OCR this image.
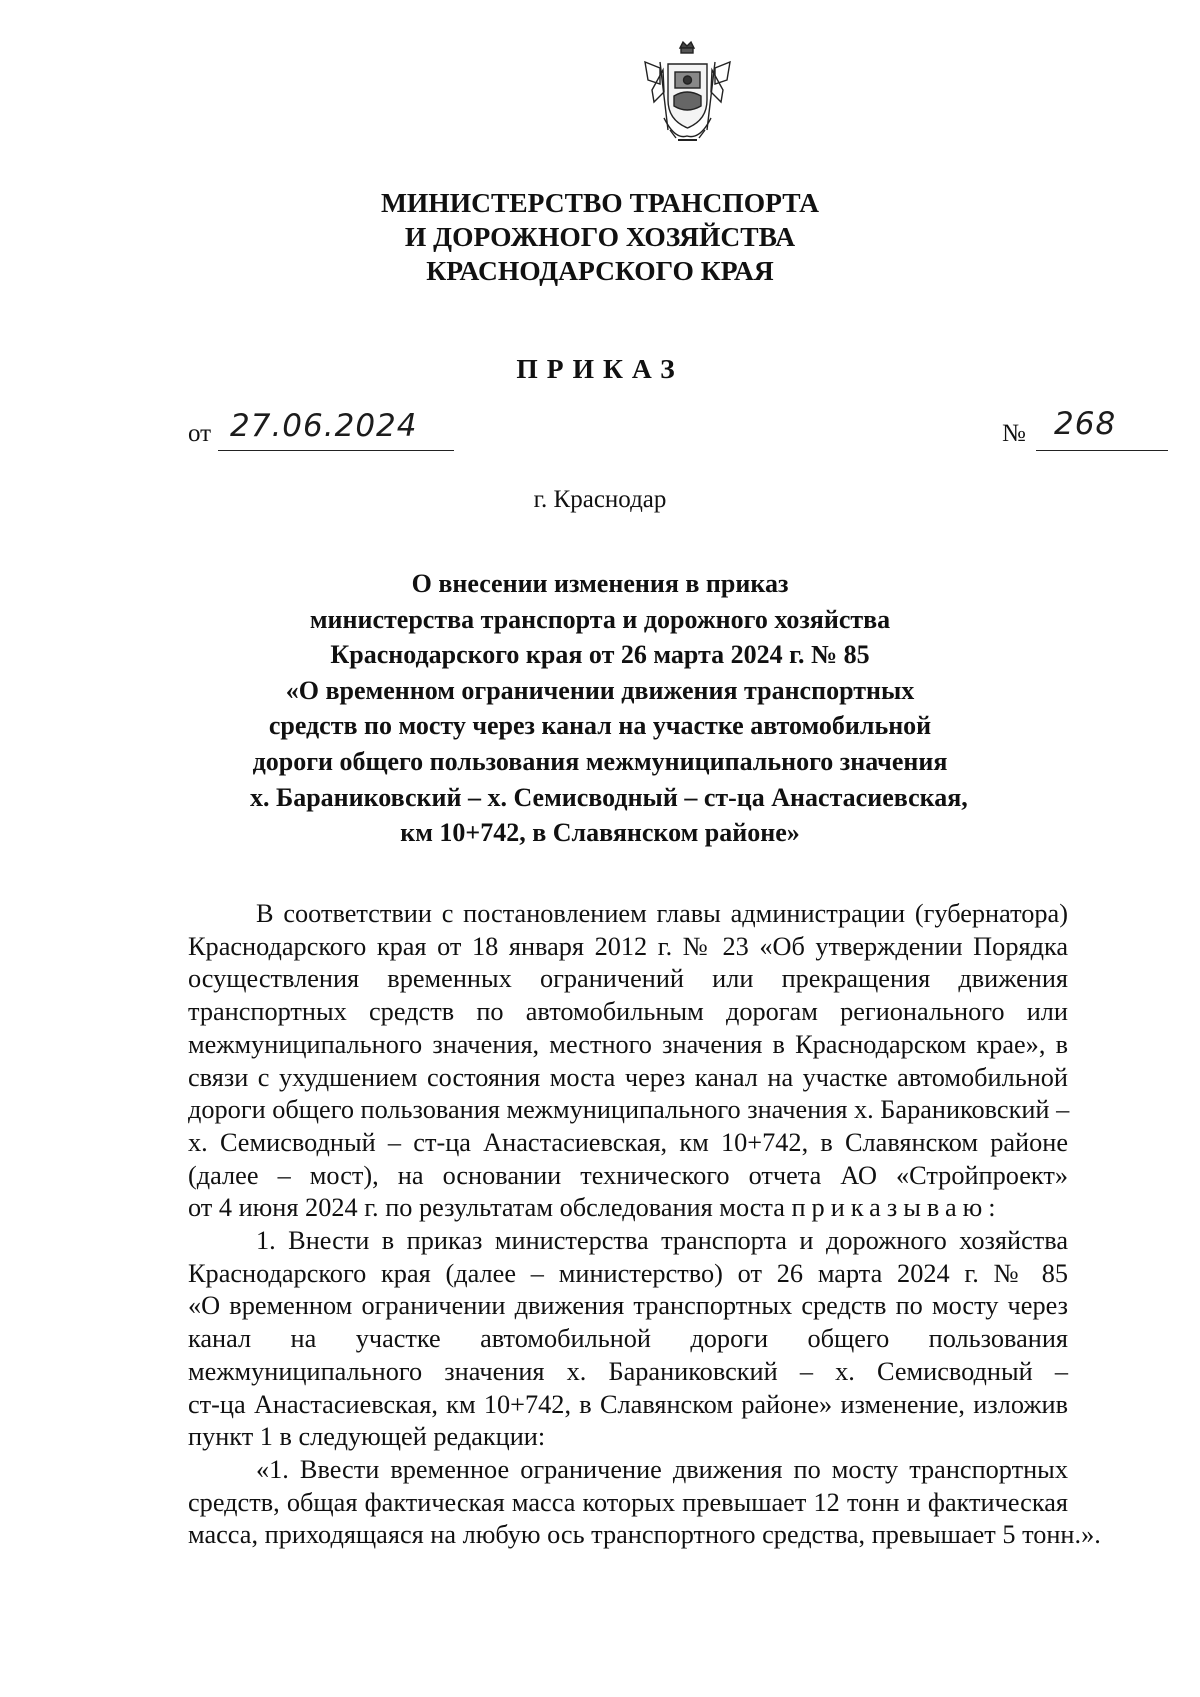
МИНИСТЕРСТВО ТРАНСПОРТА
И ДОРОЖНОГО ХОЗЯЙСТВА
КРАСНОДАРСКОГО КРАЯ
ПРИКАЗ
от 27.06.2024	№ 268
г. Краснодар
О внесении изменения в приказ
министерства транспорта и дорожного хозяйства
Краснодарского края от 26 марта 2024 г. № 85
«О временном ограничении движения транспортных
средств по мосту через канал на участке автомобильной
дороги общего пользования межмуниципального значения
х. Бараниковский – х. Семисводный – ст-ца Анастасиевская,
км 10+742, в Славянском районе»
В соответствии с постановлением главы администрации (губернатора)
Краснодарского края от 18 января 2012 г. № 23 «Об утверждении Порядка
осуществления временных ограничений или прекращения движения
транспортных средств по автомобильным дорогам регионального или
межмуниципального значения, местного значения в Краснодарском крае», в
связи с ухудшением состояния моста через канал на участке автомобильной
дороги общего пользования межмуниципального значения х. Бараниковский –
х. Семисводный – ст-ца Анастасиевская, км 10+742, в Славянском районе
(далее – мост), на основании технического отчета АО «Стройпроект»
от 4 июня 2024 г. по результатам обследования моста приказываю:
1. Внести в приказ министерства транспорта и дорожного хозяйства
Краснодарского края (далее – министерство) от 26 марта 2024 г. № 85
«О временном ограничении движения транспортных средств по мосту через
канал на участке автомобильной дороги общего пользования
межмуниципального значения х. Бараниковский – х. Семисводный –
ст-ца Анастасиевская, км 10+742, в Славянском районе» изменение, изложив
пункт 1 в следующей редакции:
«1. Ввести временное ограничение движения по мосту транспортных
средств, общая фактическая масса которых превышает 12 тонн и фактическая
масса, приходящаяся на любую ось транспортного средства, превышает 5 тонн.».
